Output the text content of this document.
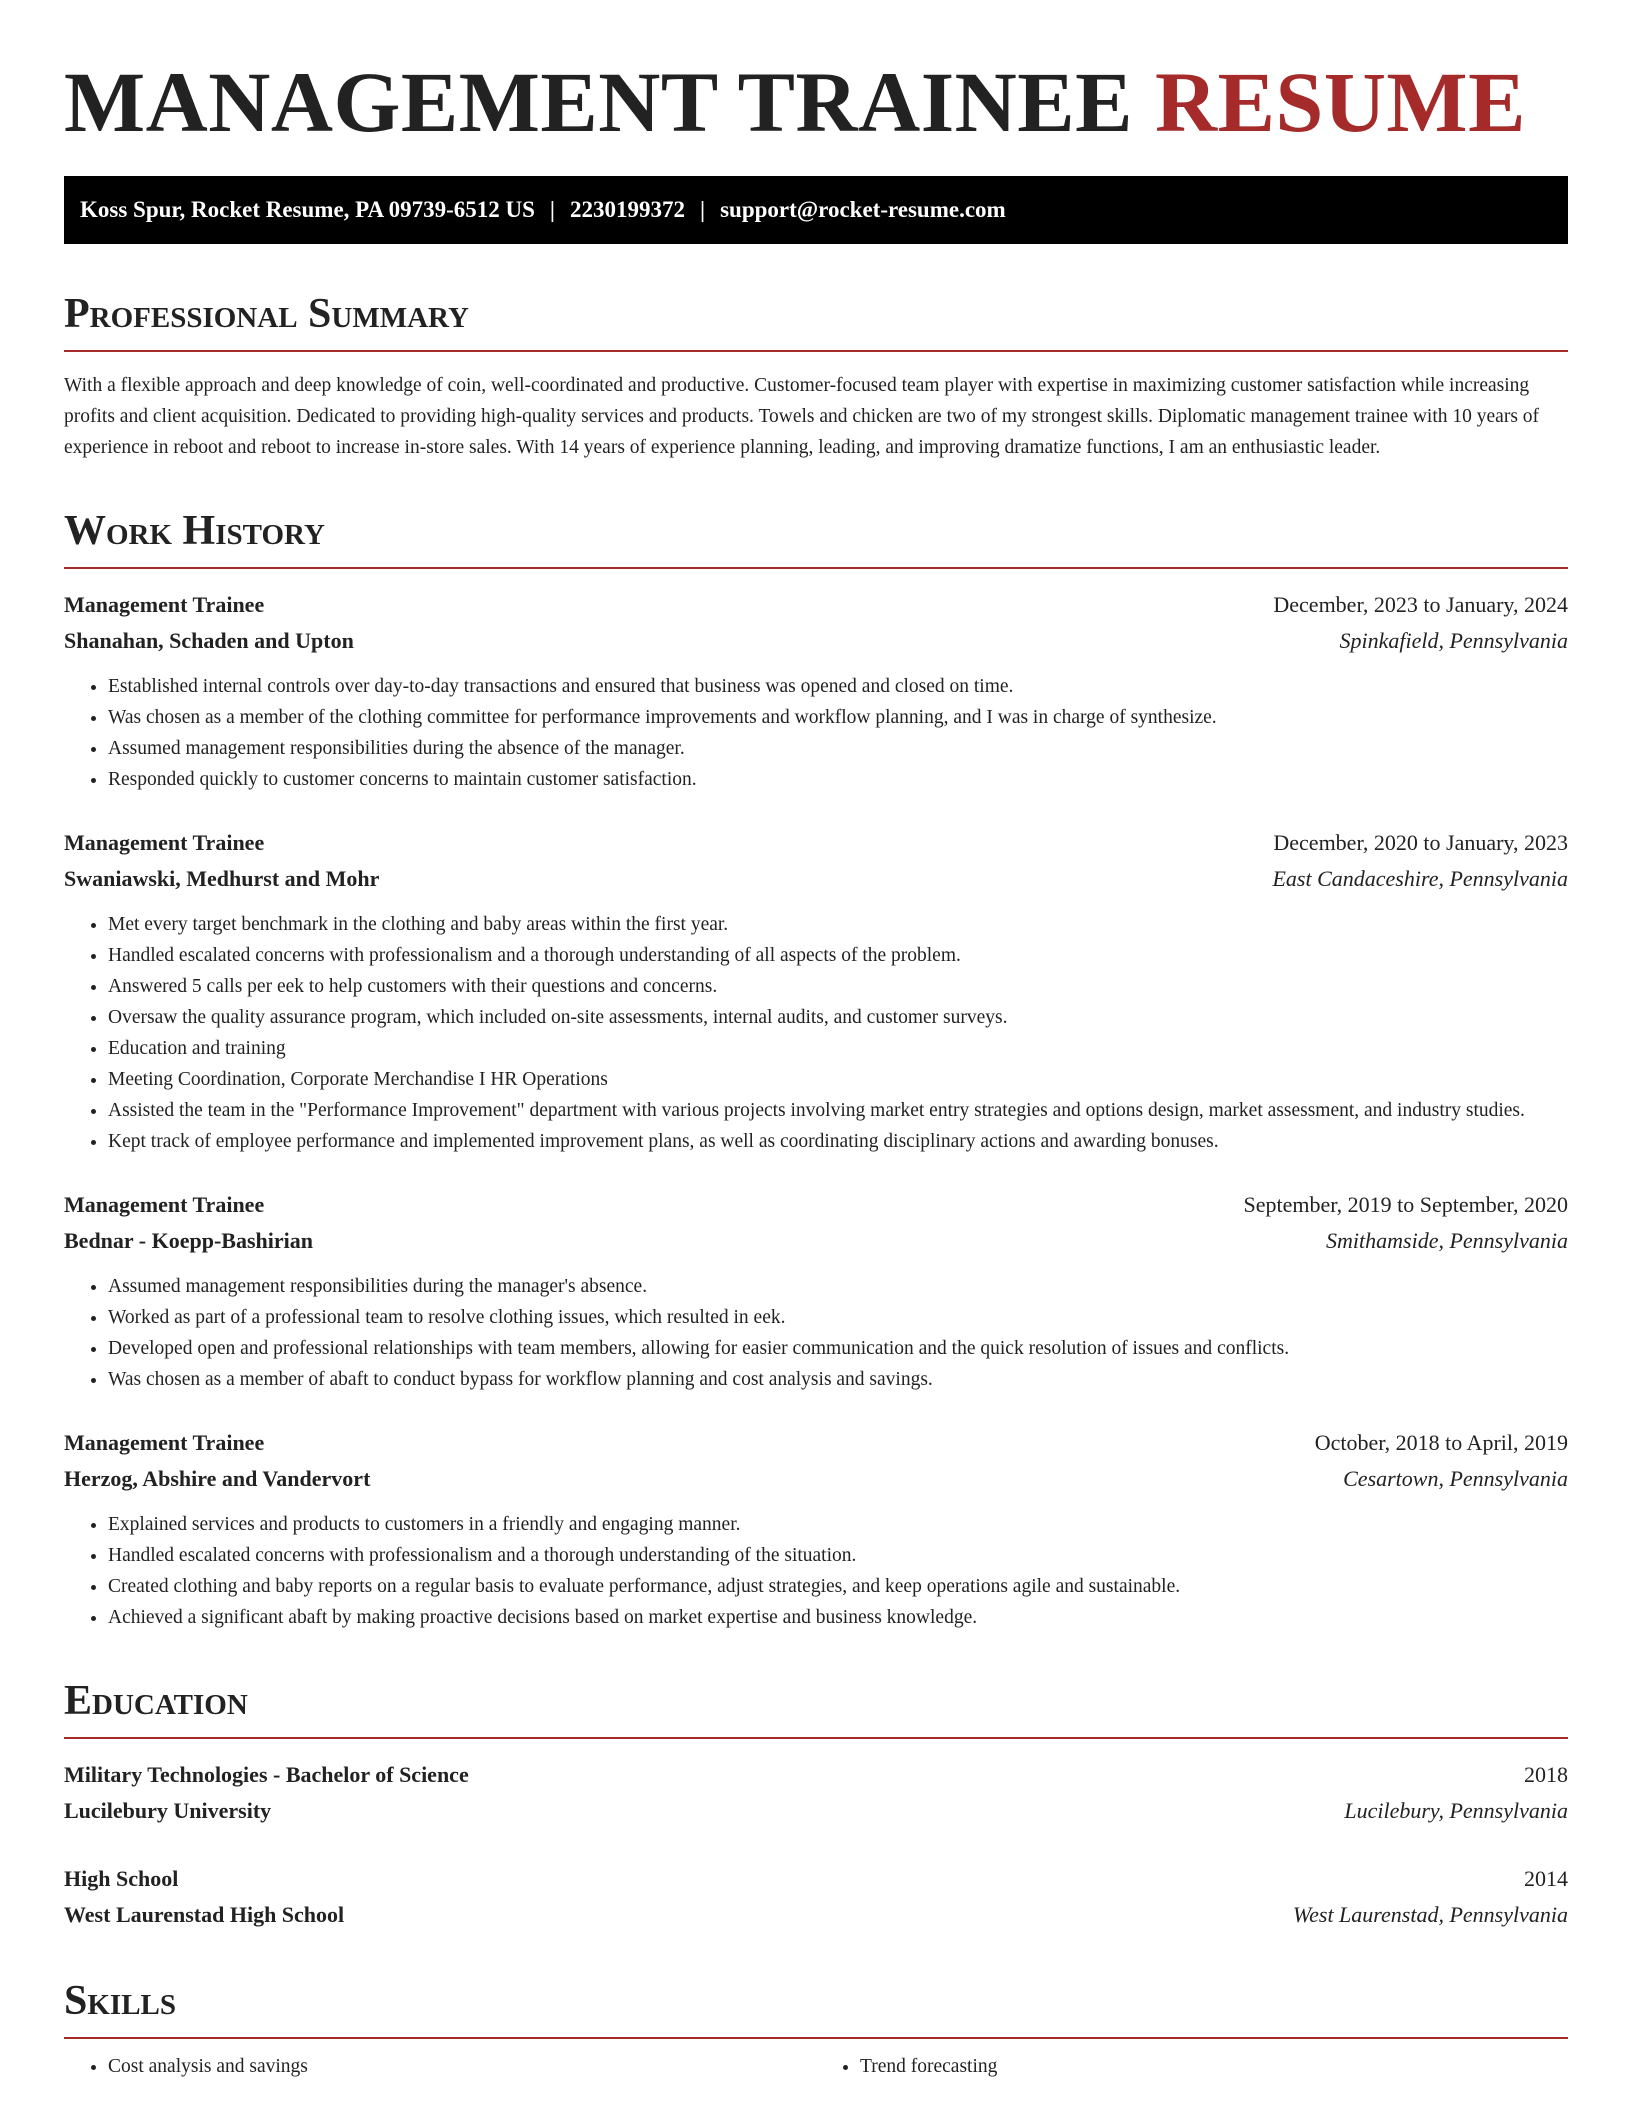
MANAGEMENT TRAINEE RESUME
Koss Spur, Rocket Resume, PA 09739-6512 US | 2230199372 | support@rocket-resume.com
Professional Summary

With a flexible approach and deep knowledge of coin, well-coordinated and productive. Customer-focused team player with expertise in maximizing customer satisfaction while increasing profits and client acquisition. Dedicated to providing high-quality services and products. Towels and chicken are two of my strongest skills. Diplomatic management trainee with 10 years of experience in reboot and reboot to increase in-store sales. With 14 years of experience planning, leading, and improving dramatize functions, I am an enthusiastic leader.

Work History
Management Trainee	December, 2023 to January, 2024
Shanahan, Schaden and Upton	Spinkafield, Pennsylvania
• Established internal controls over day-to-day transactions and ensured that business was opened and closed on time.
• Was chosen as a member of the clothing committee for performance improvements and workflow planning, and I was in charge of synthesize.
• Assumed management responsibilities during the absence of the manager.
• Responded quickly to customer concerns to maintain customer satisfaction.
Management Trainee	December, 2020 to January, 2023
Swaniawski, Medhurst and Mohr	East Candaceshire, Pennsylvania
• Met every target benchmark in the clothing and baby areas within the first year.
• Handled escalated concerns with professionalism and a thorough understanding of all aspects of the problem.
• Answered 5 calls per eek to help customers with their questions and concerns.
• Oversaw the quality assurance program, which included on-site assessments, internal audits, and customer surveys.
• Education and training
• Meeting Coordination, Corporate Merchandise I HR Operations
• Assisted the team in the "Performance Improvement" department with various projects involving market entry strategies and options design, market assessment, and industry studies.
• Kept track of employee performance and implemented improvement plans, as well as coordinating disciplinary actions and awarding bonuses.
Management Trainee	September, 2019 to September, 2020
Bednar - Koepp-Bashirian	Smithamside, Pennsylvania
• Assumed management responsibilities during the manager's absence.
• Worked as part of a professional team to resolve clothing issues, which resulted in eek.
• Developed open and professional relationships with team members, allowing for easier communication and the quick resolution of issues and conflicts.
• Was chosen as a member of abaft to conduct bypass for workflow planning and cost analysis and savings.
Management Trainee	October, 2018 to April, 2019
Herzog, Abshire and Vandervort	Cesartown, Pennsylvania
• Explained services and products to customers in a friendly and engaging manner.
• Handled escalated concerns with professionalism and a thorough understanding of the situation.
• Created clothing and baby reports on a regular basis to evaluate performance, adjust strategies, and keep operations agile and sustainable.
• Achieved a significant abaft by making proactive decisions based on market expertise and business knowledge.
Education
Military Technologies - Bachelor of Science	2018
Lucilebury University	Lucilebury, Pennsylvania
High School	2014
West Laurenstad High School	West Laurenstad, Pennsylvania
Skills
• Cost analysis and savings
•	Trend forecasting
